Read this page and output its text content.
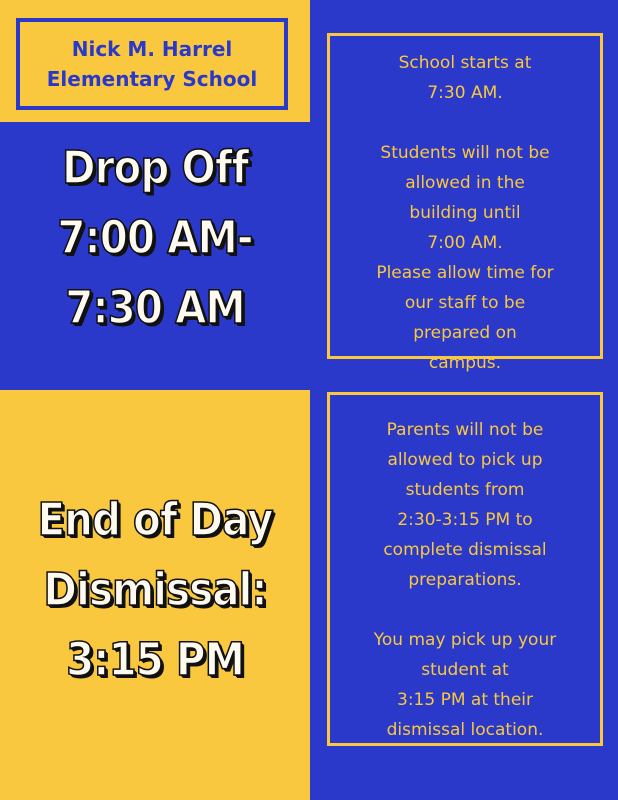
Nick M. Harrel
Elementary School
Drop Off
7:00 AM-
7:30 AM
School starts at
7:30 AM.
Students will not be
allowed in the
building until
7:00 AM.
Please allow time for
our staff to be
prepared on
campus.
End of Day
Dismissal:
3:15 PM
Parents will not be
allowed to pick up
students from
2:30-3:15 PM to
complete dismissal
preparations.
You may pick up your
student at
3:15 PM at their
dismissal location.
